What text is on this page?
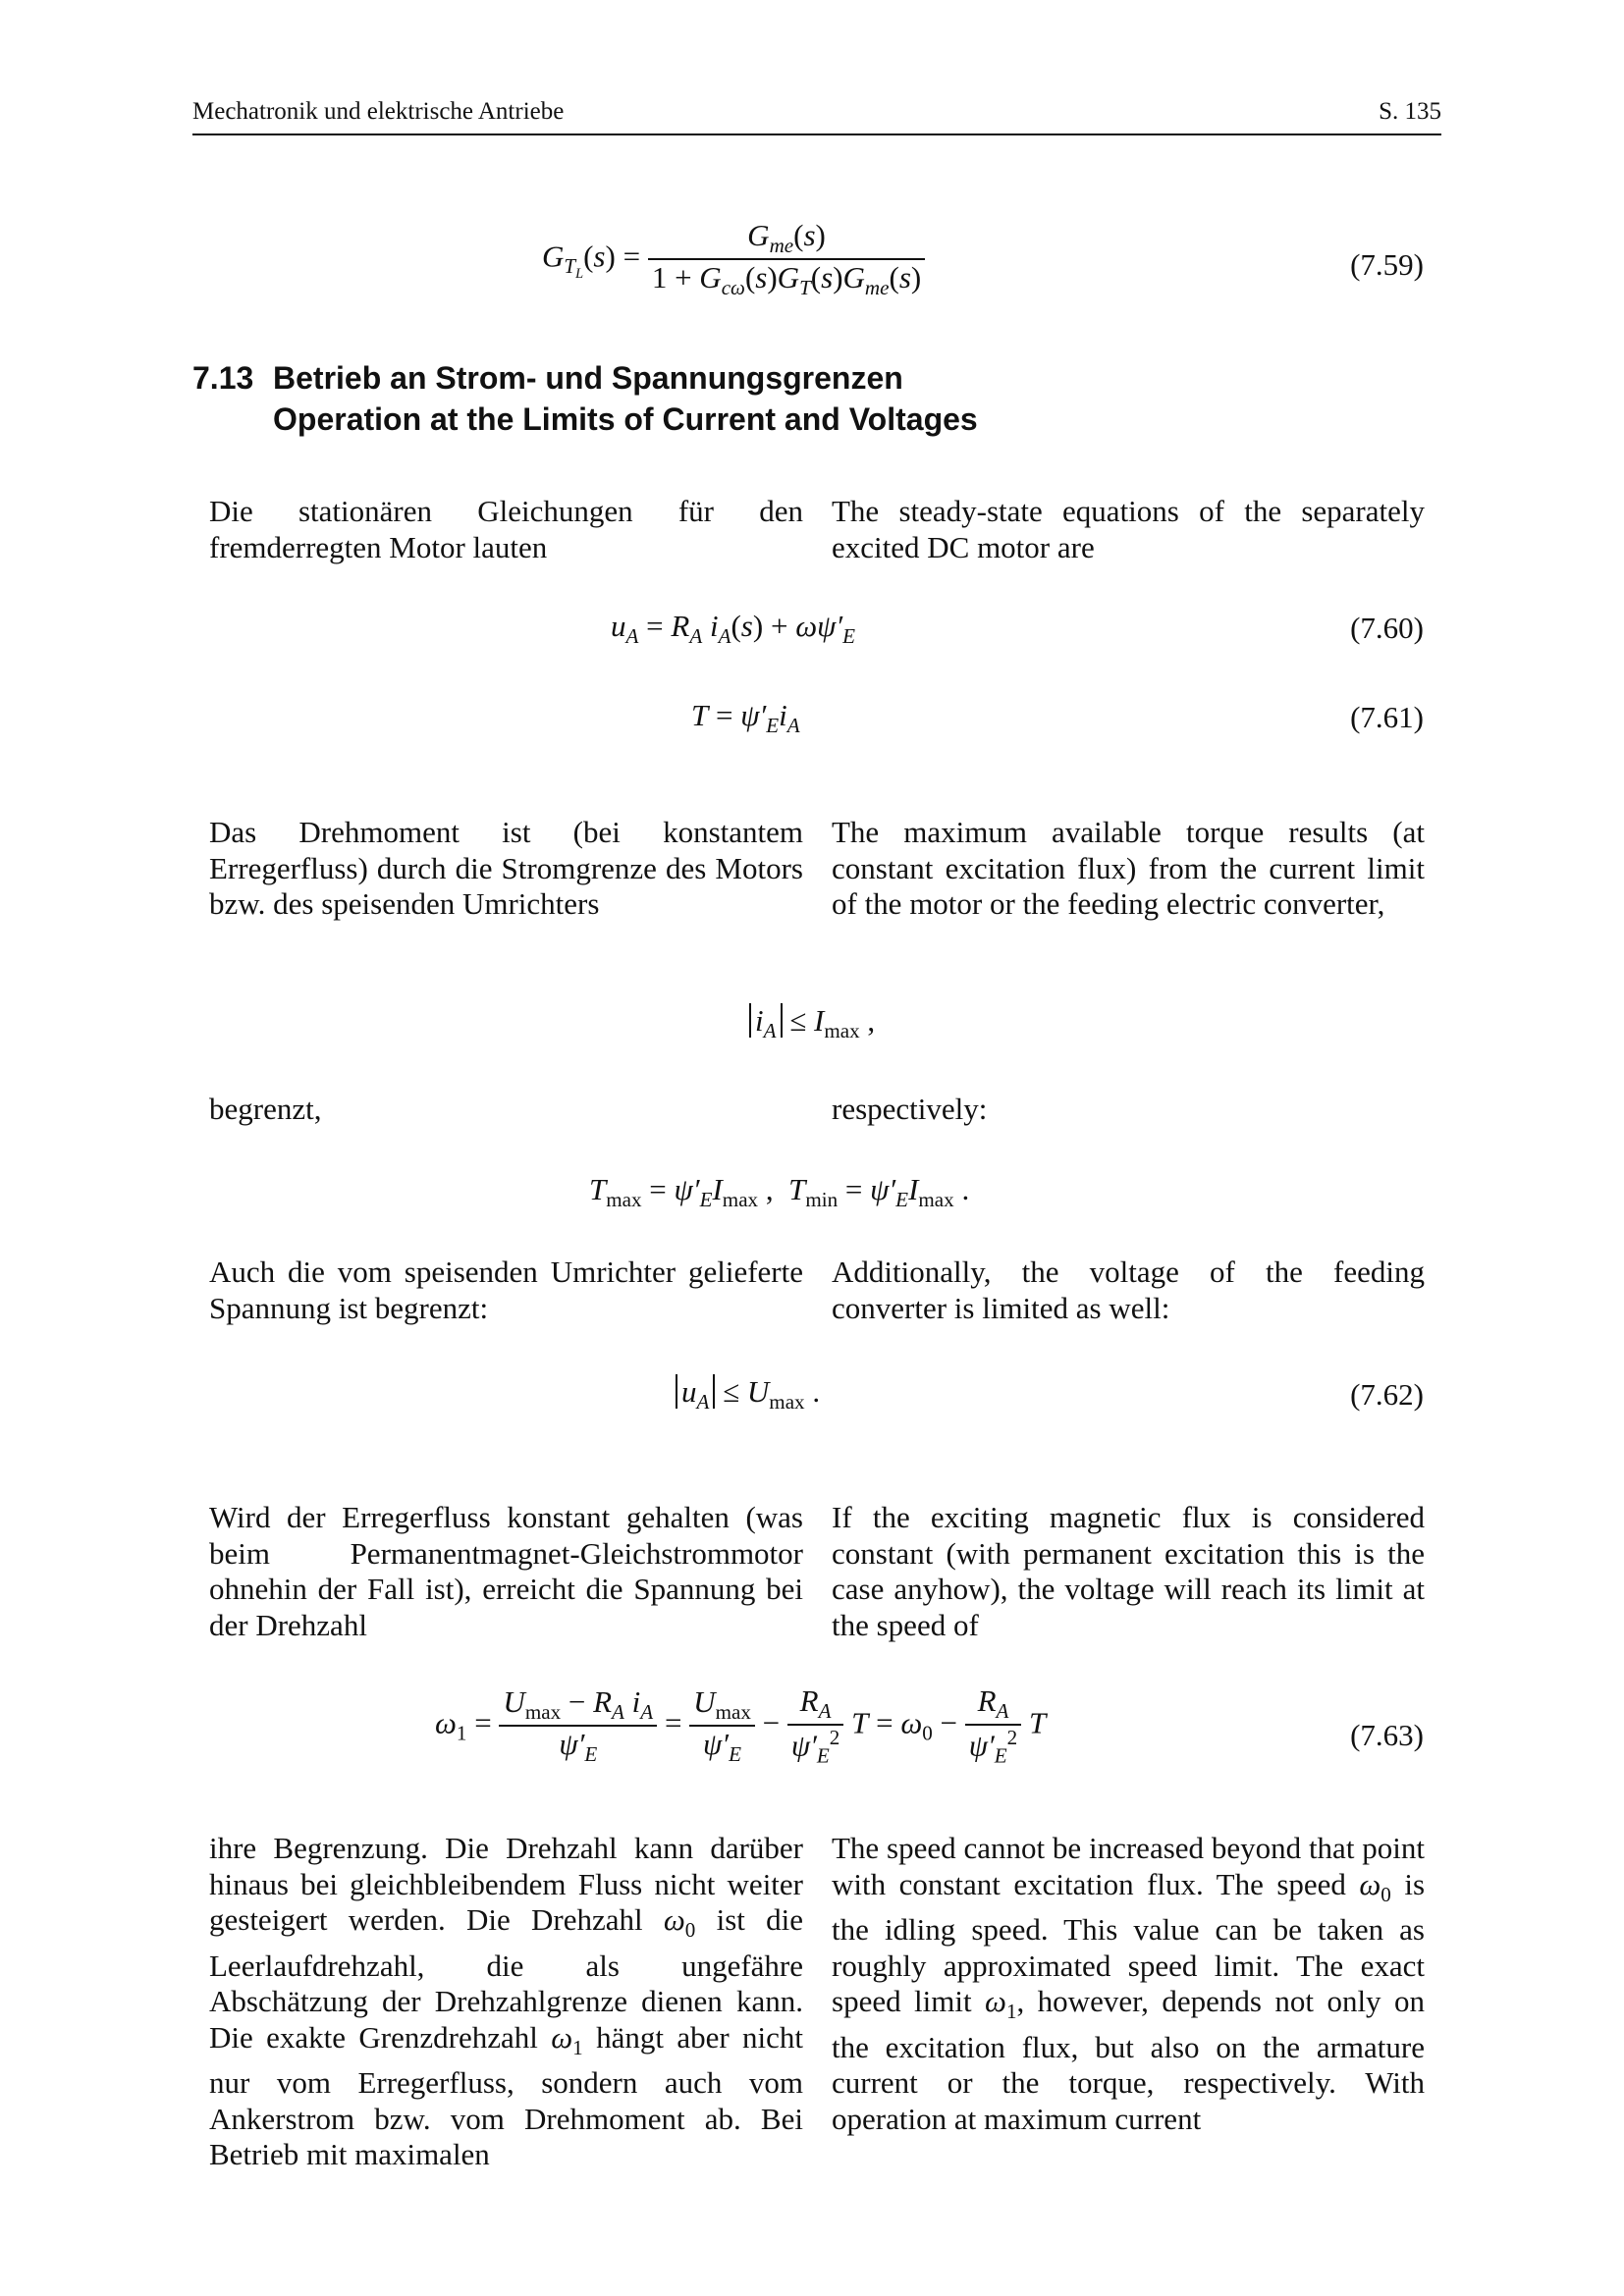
Mechatronik und elektrische Antriebe	S. 135
$G_{T_L}(s) = \frac{G_{me}(s)}{1 + G_{c\omega}(s)G_T(s)G_{me}(s)}$	(7.59)
7.13 Betrieb an Strom- und Spannungsgrenzen
Operation at the Limits of Current and Voltages
Die stationären Gleichungen für den fremderregten Motor lauten
The steady-state equations of the separately excited DC motor are
$u_A = R_A$ $i_A(s) + \omega\psi'_E$	(7.60)
$T = \psi'_Ei_A$	(7.61)
Das Drehmoment ist (bei konstantem Erregerfluss) durch die Stromgrenze des Motors bzw. des speisenden Umrichters
The maximum available torque results (at constant excitation flux) from the current limit of the motor or the feeding electric converter,
$i_A \le I_{max}$ ,
begrenzt,	respectively:
$T_{max} = \psi'_EI_{max}$ ,  $T_{min} = \psi'_EI_{max}$ .
Auch die vom speisenden Umrichter gelieferte Spannung ist begrenzt:
Additionally, the voltage of the feeding converter is limited as well:
$u_A \le U_{max}$ .	(7.62)
Wird der Erregerfluss konstant gehalten (was beim Permanentmagnet-Gleichstrommotor ohnehin der Fall ist), erreicht die Spannung bei der Drehzahl
If the exciting magnetic flux is considered constant (with permanent excitation this is the case anyhow), the voltage will reach its limit at the speed of
$\omega_1 = \frac{U_{max} - R_A i_A}{\psi'_E} = \frac{U_{max}}{\psi'_E} - \frac{R_A}{\psi'_E^2}$ $T = \omega_0 - \frac{R_A}{\psi'_E^2}$ T	(7.63)
ihre Begrenzung. Die Drehzahl kann darüber hinaus bei gleichbleibendem Fluss nicht weiter gesteigert werden. Die Drehzahl $\omega_0$ ist die Leerlaufdrehzahl, die als ungefähre Abschätzung der Drehzahlgrenze dienen kann. Die exakte Grenzdrehzahl $\omega_1$ hängt aber nicht nur vom Erregerfluss, sondern auch vom Ankerstrom bzw. vom Drehmoment ab. Bei Betrieb mit maximalen
The speed cannot be increased beyond that point with constant excitation flux. The speed $\omega_0$ is the idling speed. This value can be taken as roughly approximated speed limit. The exact speed limit $\omega_1$, however, depends not only on the excitation flux, but also on the armature current or the torque, respectively. With operation at maximum current
